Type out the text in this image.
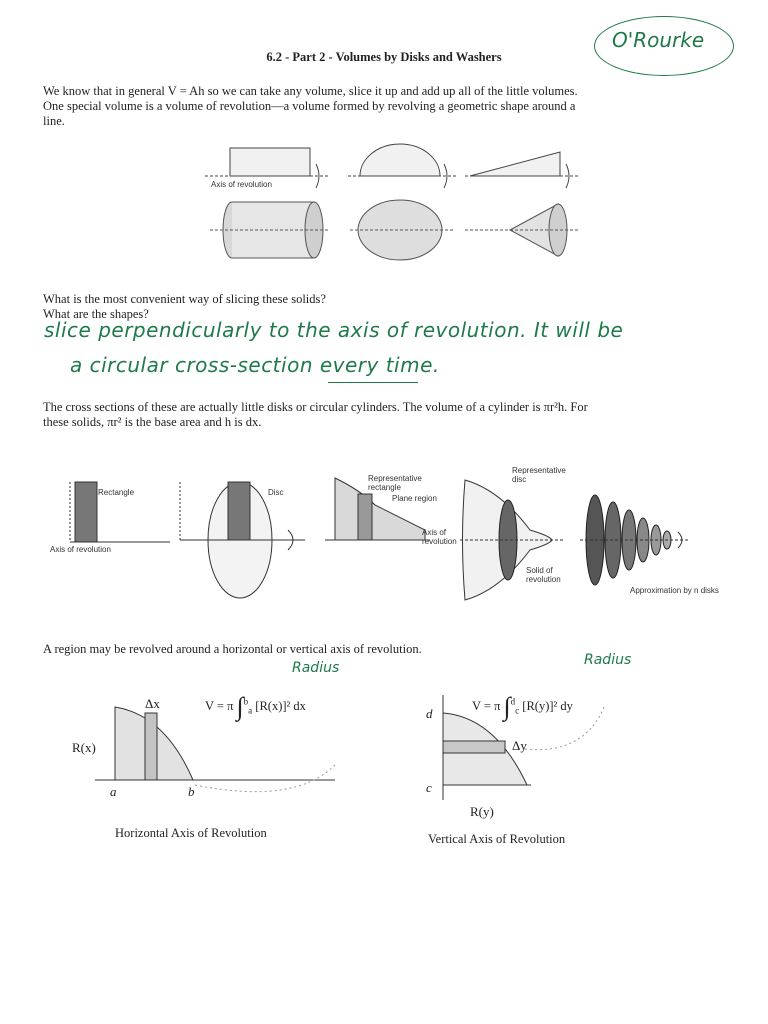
6.2 - Part 2 - Volumes by Disks and Washers
O'Rourke
We know that in general V = Ah so we can take any volume, slice it up and add up all of the little volumes.
One special volume is a volume of revolution—a volume formed by revolving a geometric shape around a
line.
Axis of revolution
What is the most convenient way of slicing these solids?
What are the shapes?
slice perpendicularly to the axis of revolution. It will be
a circular cross-section every time.
The cross sections of these are actually little disks or circular cylinders. The volume of a cylinder is πr²h. For
these solids, πr² is the base area and h is dx.
Rectangle	Disc
Axis of revolution
Representative rectangle
Plane region
Axis of revolution
Representative disc
Solid of revolution
Approximation by n disks
A region may be revolved around a horizontal or vertical axis of revolution.
R(x)
a	b
Δx	V = π ∫$^b_a$ [R(x)]² dx
Radius
Horizontal Axis of Revolution
d
c
R(y)
Δy
V = π ∫$^d_c$ [R(y)]² dy
Radius
Vertical Axis of Revolution
